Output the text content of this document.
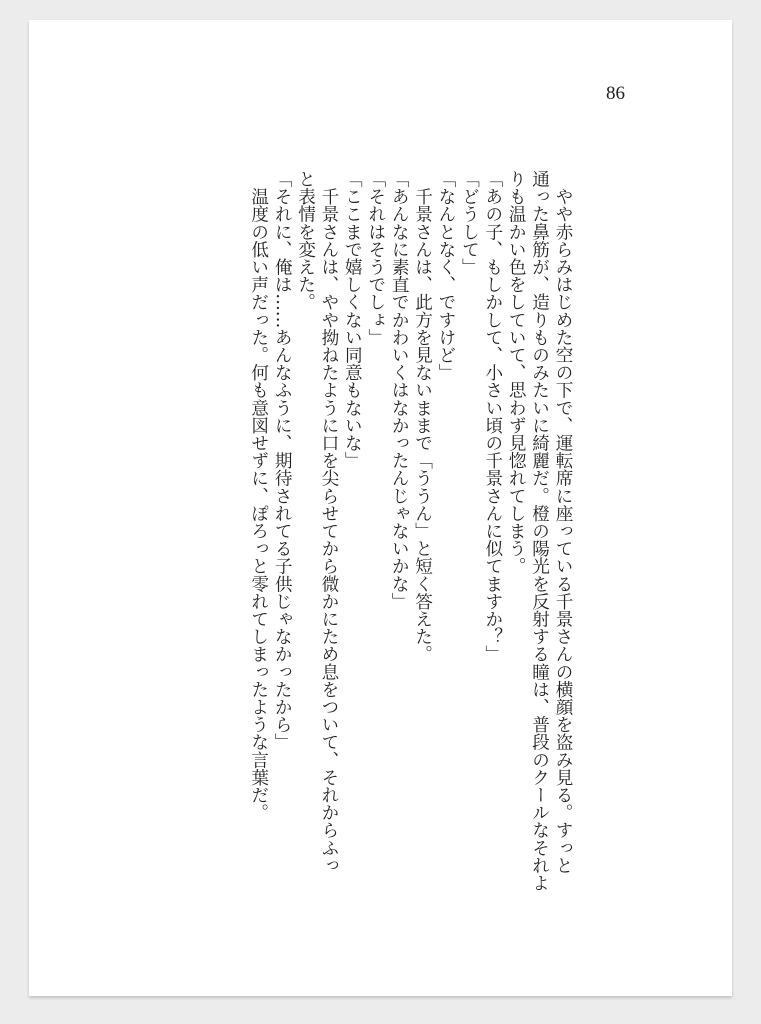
86
　やや赤らみはじめた空の下で、運転席に座っている千景さんの横顔を盗み見る。すっと
通った鼻筋が、造りものみたいに綺麗だ。橙の陽光を反射する瞳は、普段のクールなそれよ
りも温かい色をしていて、思わず見惚れてしまう。
「あの子、もしかして、小さい頃の千景さんに似てますか？」
「どうして」
「なんとなく、ですけど」
　千景さんは、此方を見ないままで「ううん」と短く答えた。
「あんなに素直でかわいくはなかったんじゃないかな」
「それはそうでしょ」
「ここまで嬉しくない同意もないな」
　千景さんは、やや拗ねたように口を尖らせてから微かにため息をついて、それからふっ
と表情を変えた。
「それに、俺は……あんなふうに、期待されてる子供じゃなかったから」
　温度の低い声だった。何も意図せずに、ぽろっと零れてしまったような言葉だ。
